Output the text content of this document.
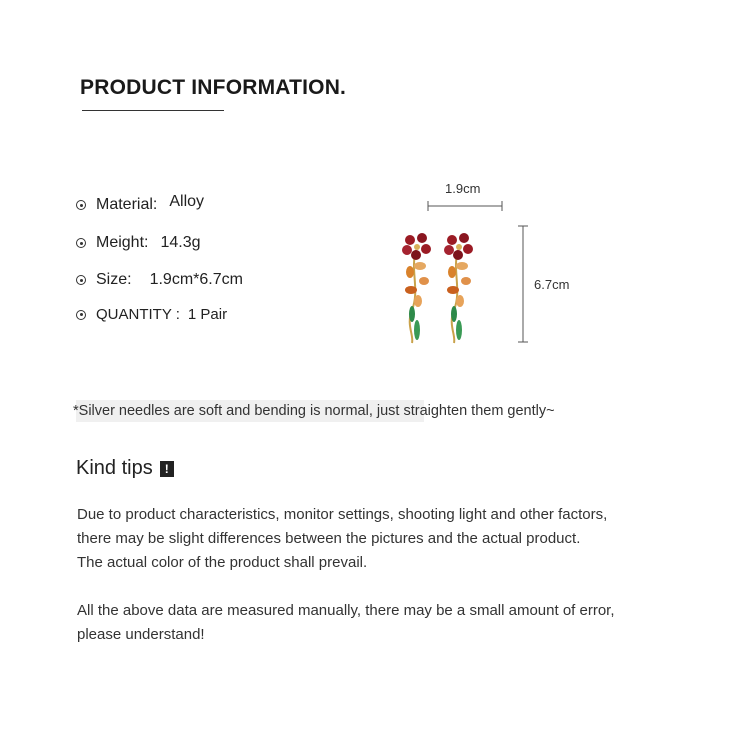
PRODUCT INFORMATION.
Material: Alloy
Meight: 14.3g
Size: 1.9cm*6.7cm
QUANTITY : 1 Pair
1.9cm
6.7cm
*Silver needles are soft and bending is normal, just straighten them gently~
Kind tips	!
Due to product characteristics, monitor settings, shooting light and other factors,
there may be slight differences between the pictures and the actual product.
The actual color of the product shall prevail.
All the above data are measured manually, there may be a small amount of error,
please understand!
